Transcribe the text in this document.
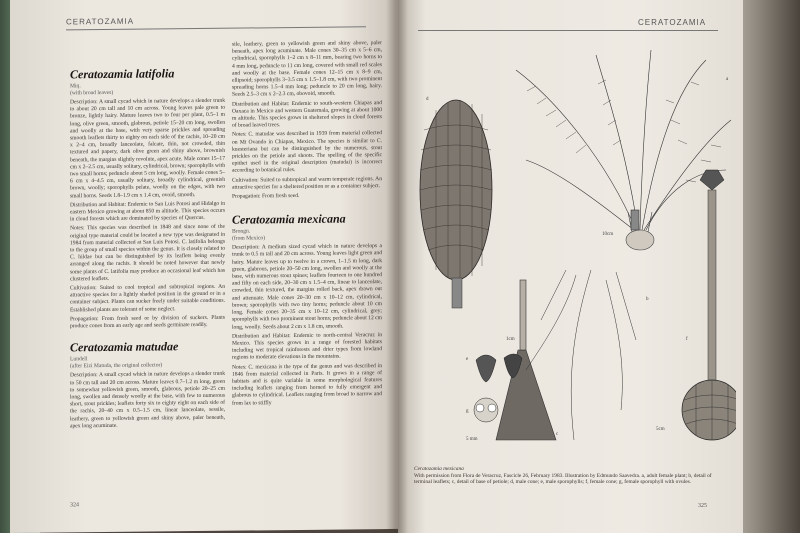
CERATOZAMIA

Ceratozamia latifolia

Miq.
(with broad leaves)

Description: A small cycad which in nature develops a slender trunk to about 20 cm tall and 10 cm across. Young leaves pale green to bronze, lightly hairy. Mature leaves two to four per plant, 0.5–1 m long, olive green, smooth, glabrous, petiole 15–20 cm long, swollen and woolly at the base, with very sparse prickles and spreading smooth leaflets thirty to eighty on each side of the rachis, 10–20 cm x 2–4 cm, broadly lanceolate, falcate, thin, not crowded, thin textured and papery, dark olive green and shiny above, brownish beneath, the margins slightly revolute, apex acute. Male cones 15–17 cm x 2–2.5 cm, usually solitary, cylindrical, brown; sporophylls with two small horns; peduncle about 5 cm long, woolly. Female cones 5–6 cm x 4–4.5 cm, usually solitary, broadly cylindrical, greenish brown, woolly; sporophylls pelate, woolly on the edges, with two small horns. Seeds 1.8–1.9 cm x 1.4 cm, ovoid, smooth.

Distribution and Habitat: Endemic to San Luis Potosi and Hidalgo in eastern Mexico growing at about 850 m altitude. This species occurs in cloud forests which are dominated by species of Quercus.

Notes: This species was described in 1848 and since none of the original type material could be located a new type was designated in 1984 from material collected at San Luis Potosi. C. latifolia belongs to the group of small species within the genus. It is closely related to C. hildae but can be distinguished by its leaflets being evenly arranged along the rachis. It should be noted however that newly some plants of C. latifolia may produce an occasional leaf which has clustered leaflets.

Cultivation: Suited to cool tropical and subtropical regions. An attractive species for a lightly shaded position in the ground or in a container subject. Plants can sucker freely under suitable conditions. Established plants are tolerant of some neglect.

Propagation: From fresh seed or by division of suckers. Plants produce cones from an early age and seeds germinate readily.

Ceratozamia matudae

Lundell
(after Eizi Matuda, the original collector)

Description: A small cycad which in nature develops a slender trunk to 50 cm tall and 20 cm across. Mature leaves 0.7–1.2 m long, green to somewhat yellowish green, smooth, glabrous, petiole 20–25 cm long, swollen and densely woolly at the base, with few to numerous short, stout prickles; leaflets forty six to eighty eight on each side of the rachis, 20–40 cm x 0.5–1.5 cm, linear lanceolate, sessile, leathery, green to yellowish green and shiny above, paler beneath, apex long acuminate.

sile, leathery, green to yellowish green and shiny above, paler beneath, apex long acuminate. Male cones 30–35 cm x 5–6 cm, cylindrical, sporophylls 1–2 cm x 8–11 mm, bearing two horns to 4 mm long, peduncle to 11 cm long, covered with small red scales and woolly at the base. Female cones 12–15 cm x 8–9 cm, ellipsoid; sporophylls 3–3.5 cm x 1.5–1.8 cm, with two prominent spreading horns 1.5–4 mm long; peduncle to 20 cm long, hairy. Seeds 2.5–3 cm x 2–2.3 cm, obovoid, smooth.

Distribution and Habitat: Endemic to south-western Chiapas and Oaxaca in Mexico and western Guatemala, growing at about 1000 m altitude. This species grows in sheltered slopes in cloud forests of broad leaved trees.

Notes: C. matudae was described in 1939 from material collected on Mt Ovando in Chiapas, Mexico. The species is similar to C. kuesteriana but can be distinguished by the numerous, stout prickles on the petiole and shoots. The spelling of the specific epithet used in the original description (matudai) is incorrect according to botanical rules.

Cultivation: Suited to subtropical and warm temperate regions. An attractive species for a sheltered position or as a container subject.

Propagation: From fresh seed.

Ceratozamia mexicana

Brongn.
(from Mexico)

Description: A medium sized cycad which in nature develops a trunk to 0.5 m tall and 20 cm across. Young leaves light green and hairy. Mature leaves up to twelve in a crown, 1–1.5 m long, dark green, glabrous, petiole 20–50 cm long, swollen and woolly at the base, with numerous stout spines; leaflets fourteen to one hundred and fifty on each side, 20–30 cm x 1.5–4 cm, linear to lanceolate, crowded, thin textured, the margins rolled back, apex drawn out and attenuate. Male cones 20–30 cm x 10–12 cm, cylindrical, brown; sporophylls with two tiny horns; peduncle about 10 cm long. Female cones 20–35 cm x 10–12 cm, cylindrical, grey; sporophylls with two prominent stout horns; peduncle about 12 cm long, woolly. Seeds about 2 cm x 1.8 cm, smooth.

Distribution and Habitat: Endemic to north-central Veracruz in Mexico. This species grows in a range of forested habitats including wet tropical rainforests and drier types from lowland regions to moderate elevations in the mountains.

Notes: C. mexicana is the type of the genus and was described in 1846 from material collected in Paris. It grows in a range of habitats and is quite variable in some morphological features including leaflets ranging from horned to fully emergent and glabrous to cylindrical. Leaflets ranging from broad to narrow and from lax to stiffly

324
CERATOZAMIA
325
a
b
c
d
e
f
g
10cm
5cm
1cm
5 mm
Ceratozamia mexicana
With permission from Flora de Veracruz, Fascicle 26, February 1983. Illustration by Edmundo Saavedra. a, adult female plant; b, detail of terminal leaflets; c, detail of base of petiole; d, male cone; e, male sporophylls; f, female cone; g, female sporophyll with ovules.
